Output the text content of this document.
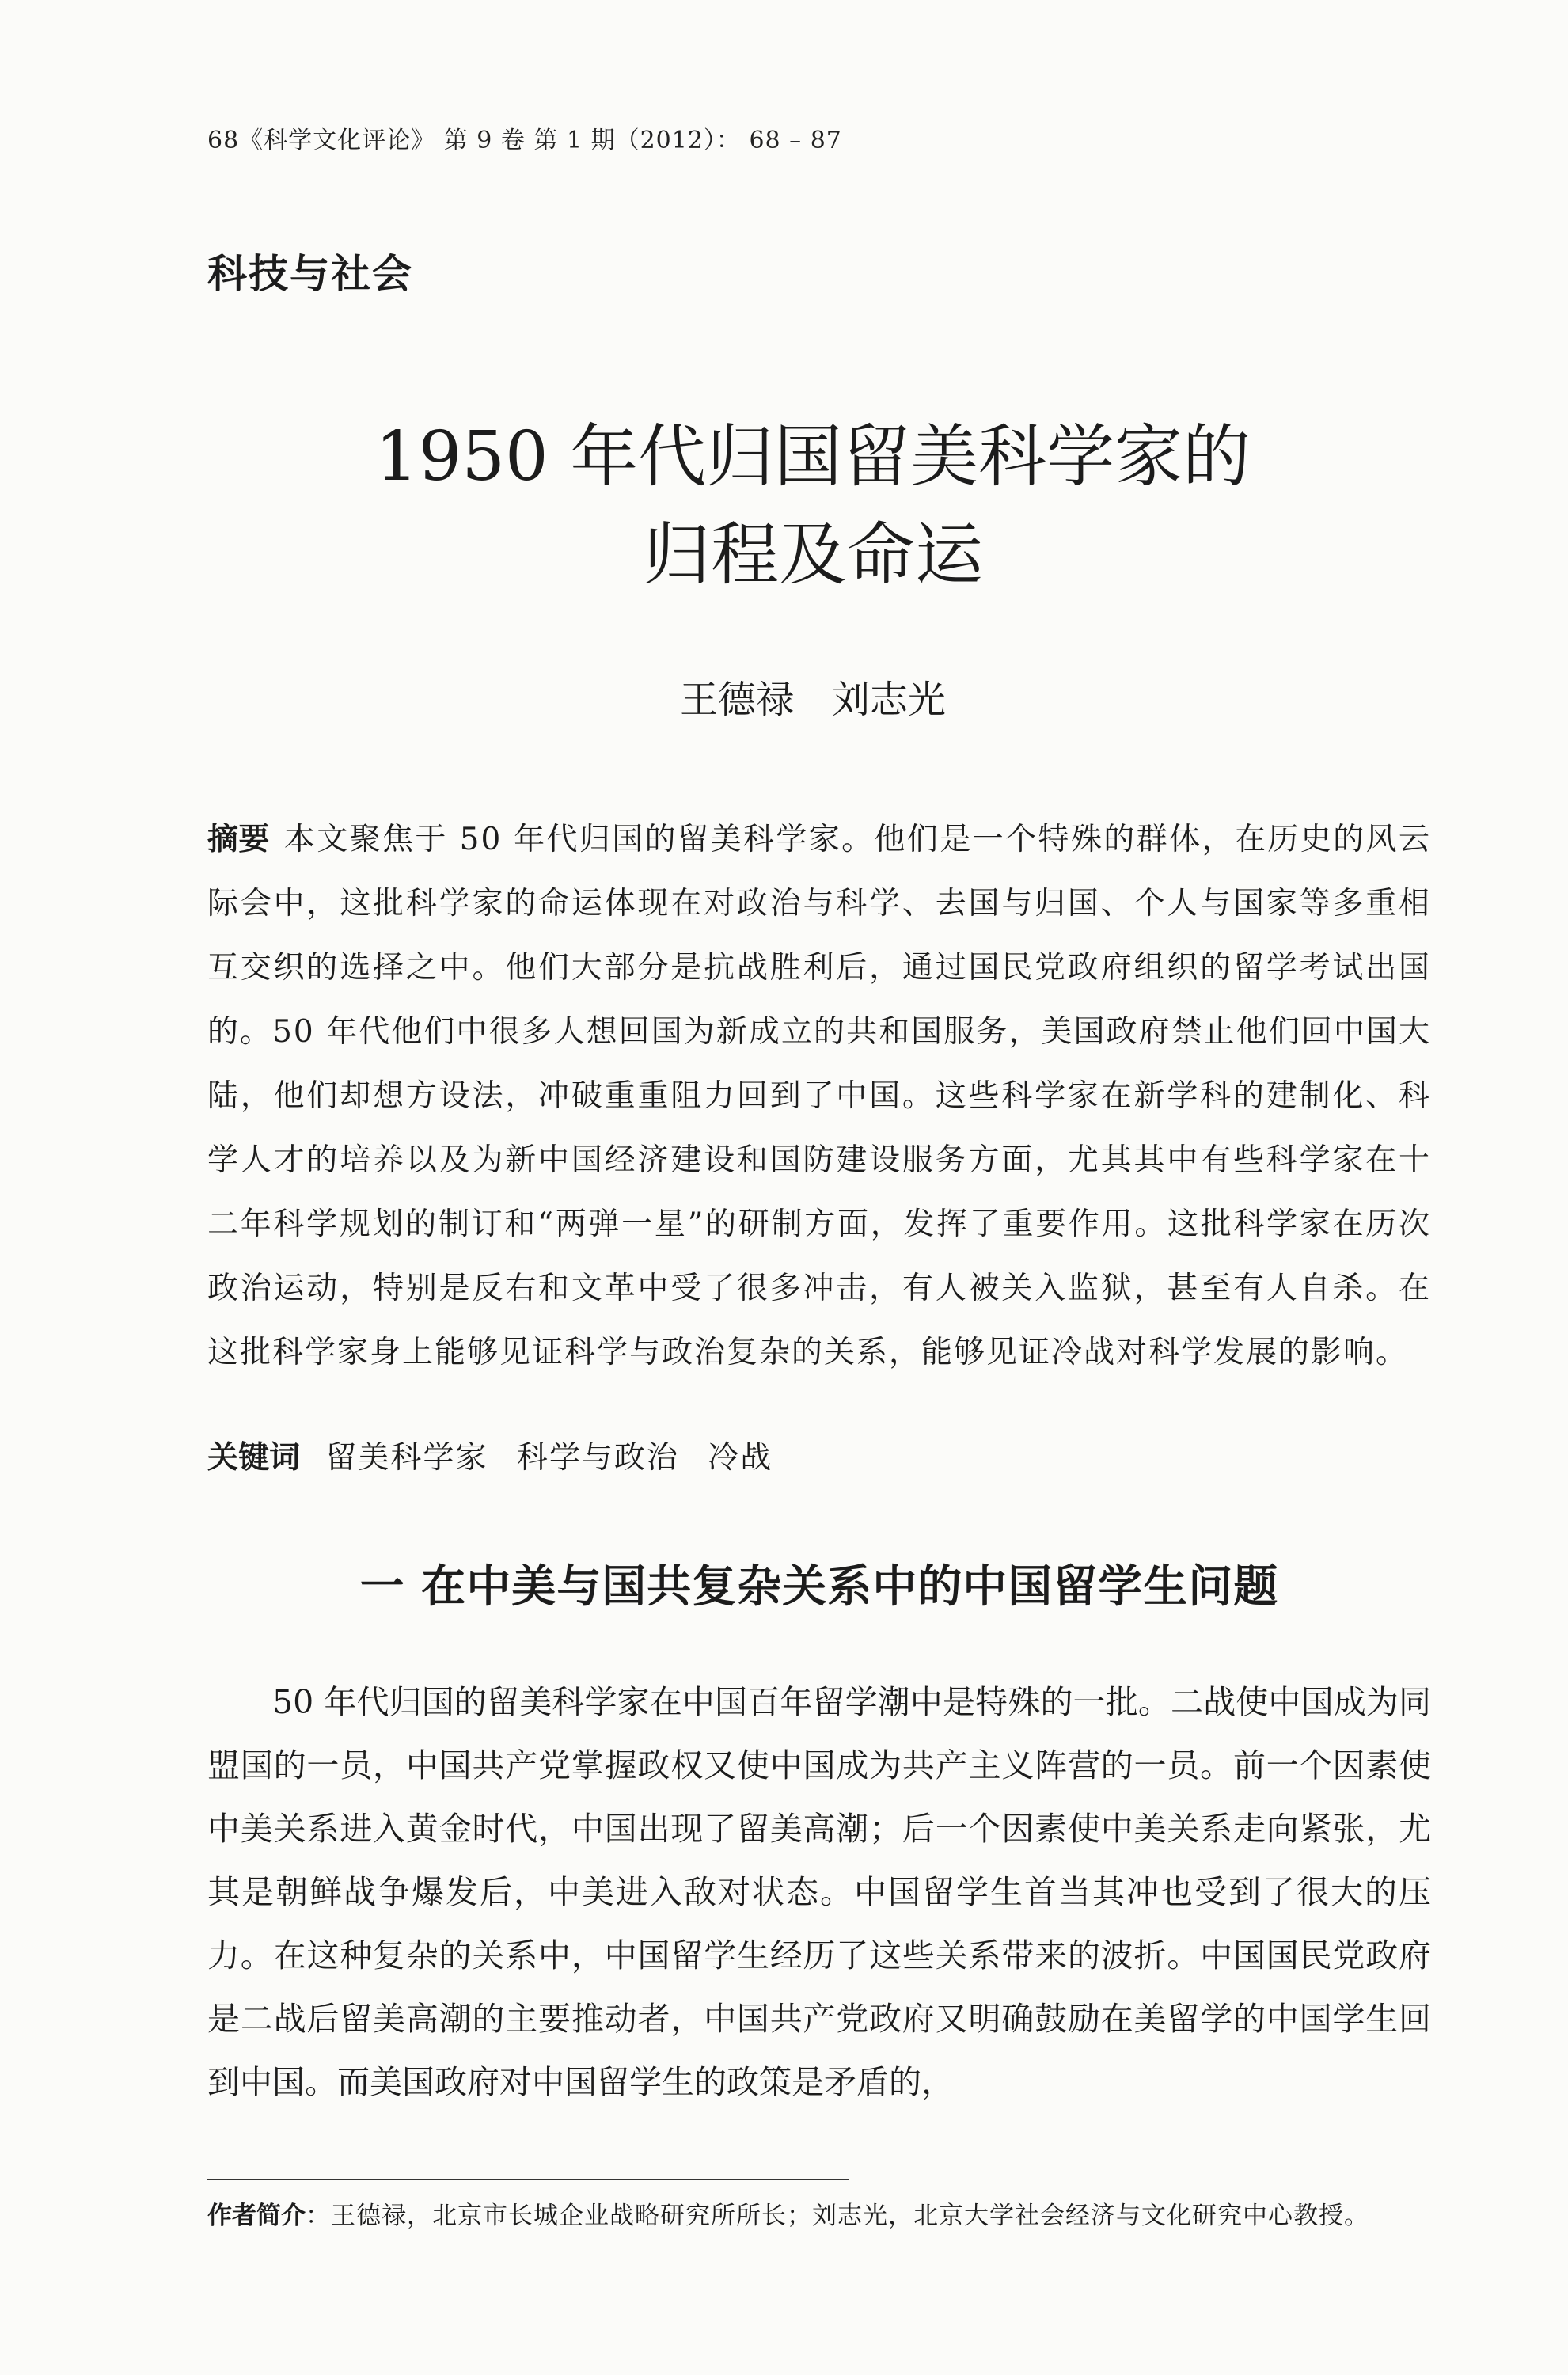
68《科学文化评论》 第 9 卷 第 1 期（2012）： 68 – 87
科技与社会
1950 年代归国留美科学家的
归程及命运
王德禄　刘志光
摘要 本文聚焦于 50 年代归国的留美科学家。他们是一个特殊的群体，在历史的风云际会中，这批科学家的命运体现在对政治与科学、去国与归国、个人与国家等多重相互交织的选择之中。他们大部分是抗战胜利后，通过国民党政府组织的留学考试出国的。50 年代他们中很多人想回国为新成立的共和国服务，美国政府禁止他们回中国大陆，他们却想方设法，冲破重重阻力回到了中国。这些科学家在新学科的建制化、科学人才的培养以及为新中国经济建设和国防建设服务方面，尤其其中有些科学家在十二年科学规划的制订和“两弹一星”的研制方面，发挥了重要作用。这批科学家在历次政治运动，特别是反右和文革中受了很多冲击，有人被关入监狱，甚至有人自杀。在这批科学家身上能够见证科学与政治复杂的关系，能够见证冷战对科学发展的影响。
关键词 留美科学家 科学与政治 冷战
一 在中美与国共复杂关系中的中国留学生问题

50 年代归国的留美科学家在中国百年留学潮中是特殊的一批。二战使中国成为同盟国的一员，中国共产党掌握政权又使中国成为共产主义阵营的一员。前一个因素使中美关系进入黄金时代，中国出现了留美高潮；后一个因素使中美关系走向紧张，尤其是朝鲜战争爆发后，中美进入敌对状态。中国留学生首当其冲也受到了很大的压力。在这种复杂的关系中，中国留学生经历了这些关系带来的波折。中国国民党政府是二战后留美高潮的主要推动者，中国共产党政府又明确鼓励在美留学的中国学生回到中国。而美国政府对中国留学生的政策是矛盾的，

作者简介：王德禄，北京市长城企业战略研究所所长；刘志光，北京大学社会经济与文化研究中心教授。
